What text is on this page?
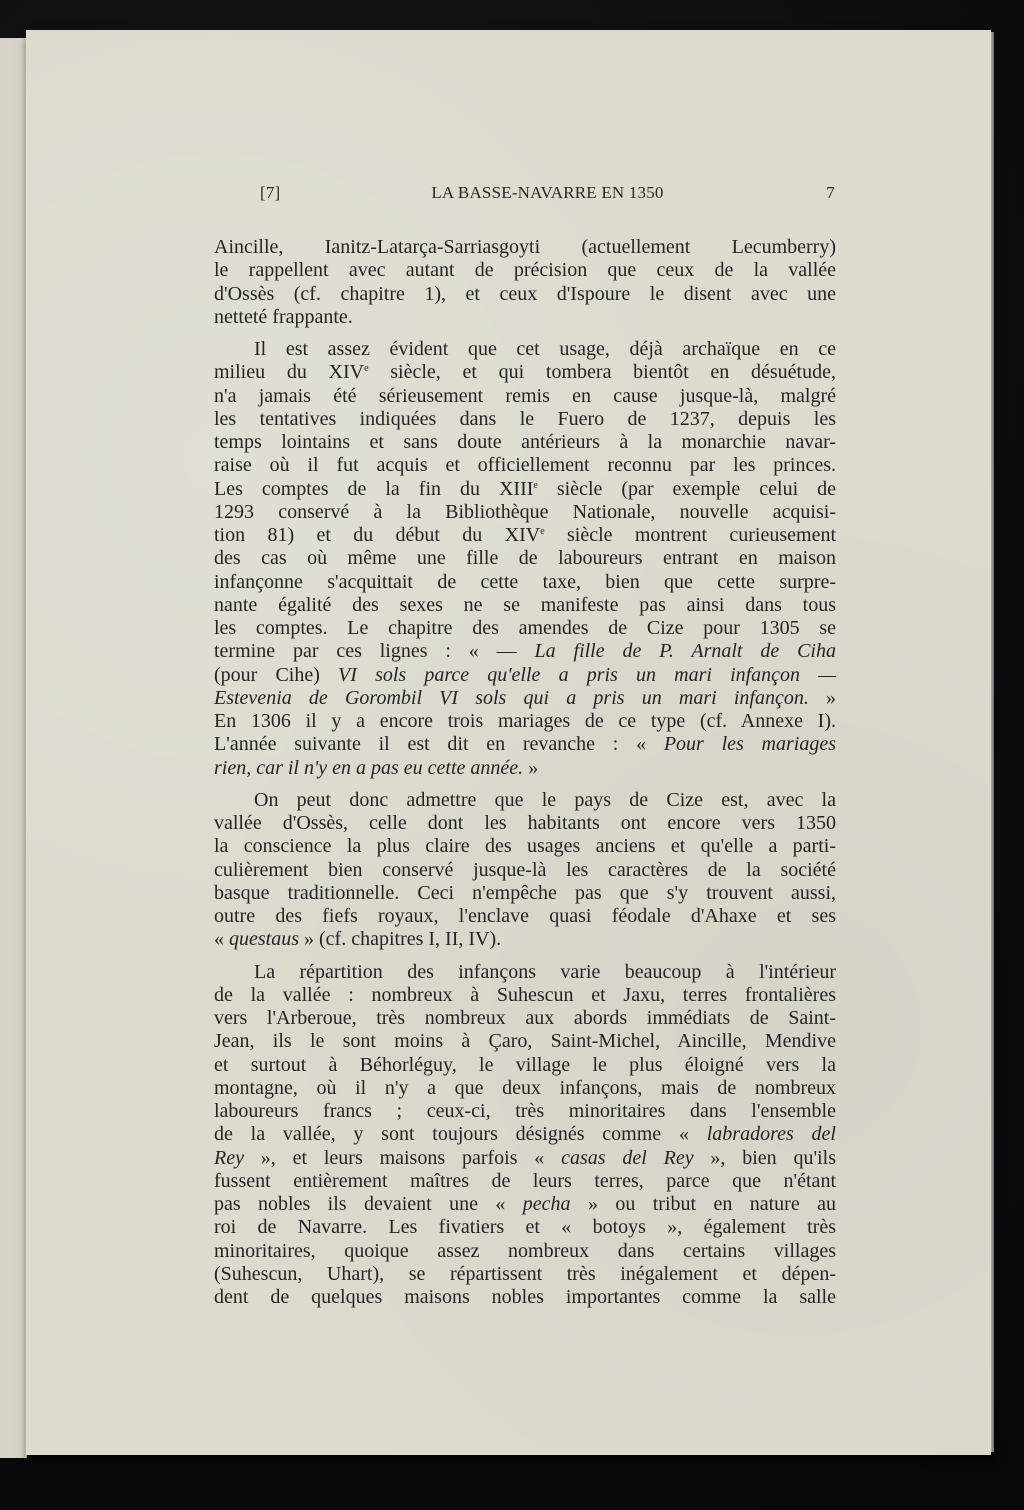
[7]	LA BASSE-NAVARRE EN 1350	7
Aincille, Ianitz-Latarça-Sarriasgoyti (actuellement Lecumberry)
le rappellent avec autant de précision que ceux de la vallée
d'Ossès (cf. chapitre 1), et ceux d'Ispoure le disent avec une
netteté frappante.
Il est assez évident que cet usage, déjà archaïque en ce
milieu du XIVe siècle, et qui tombera bientôt en désuétude,
n'a jamais été sérieusement remis en cause jusque-là, malgré
les tentatives indiquées dans le Fuero de 1237, depuis les
temps lointains et sans doute antérieurs à la monarchie navar-
raise où il fut acquis et officiellement reconnu par les princes.
Les comptes de la fin du XIIIe siècle (par exemple celui de
1293 conservé à la Bibliothèque Nationale, nouvelle acquisi-
tion 81) et du début du XIVe siècle montrent curieusement
des cas où même une fille de laboureurs entrant en maison
infançonne s'acquittait de cette taxe, bien que cette surpre-
nante égalité des sexes ne se manifeste pas ainsi dans tous
les comptes. Le chapitre des amendes de Cize pour 1305 se
termine par ces lignes : « — La fille de P. Arnalt de Ciha
(pour Cihe) VI sols parce qu'elle a pris un mari infançon —
Estevenia de Gorombil VI sols qui a pris un mari infançon. »
En 1306 il y a encore trois mariages de ce type (cf. Annexe I).
L'année suivante il est dit en revanche : « Pour les mariages
rien, car il n'y en a pas eu cette année. »
On peut donc admettre que le pays de Cize est, avec la
vallée d'Ossès, celle dont les habitants ont encore vers 1350
la conscience la plus claire des usages anciens et qu'elle a parti-
culièrement bien conservé jusque-là les caractères de la société
basque traditionnelle. Ceci n'empêche pas que s'y trouvent aussi,
outre des fiefs royaux, l'enclave quasi féodale d'Ahaxe et ses
« questaus » (cf. chapitres I, II, IV).
La répartition des infançons varie beaucoup à l'intérieur
de la vallée : nombreux à Suhescun et Jaxu, terres frontalières
vers l'Arberoue, très nombreux aux abords immédiats de Saint-
Jean, ils le sont moins à Çaro, Saint-Michel, Aincille, Mendive
et surtout à Béhorléguy, le village le plus éloigné vers la
montagne, où il n'y a que deux infançons, mais de nombreux
laboureurs francs ; ceux-ci, très minoritaires dans l'ensemble
de la vallée, y sont toujours désignés comme « labradores del
Rey », et leurs maisons parfois « casas del Rey », bien qu'ils
fussent entièrement maîtres de leurs terres, parce que n'étant
pas nobles ils devaient une « pecha » ou tribut en nature au
roi de Navarre. Les fivatiers et « botoys », également très
minoritaires, quoique assez nombreux dans certains villages
(Suhescun, Uhart), se répartissent très inégalement et dépen-
dent de quelques maisons nobles importantes comme la salle
